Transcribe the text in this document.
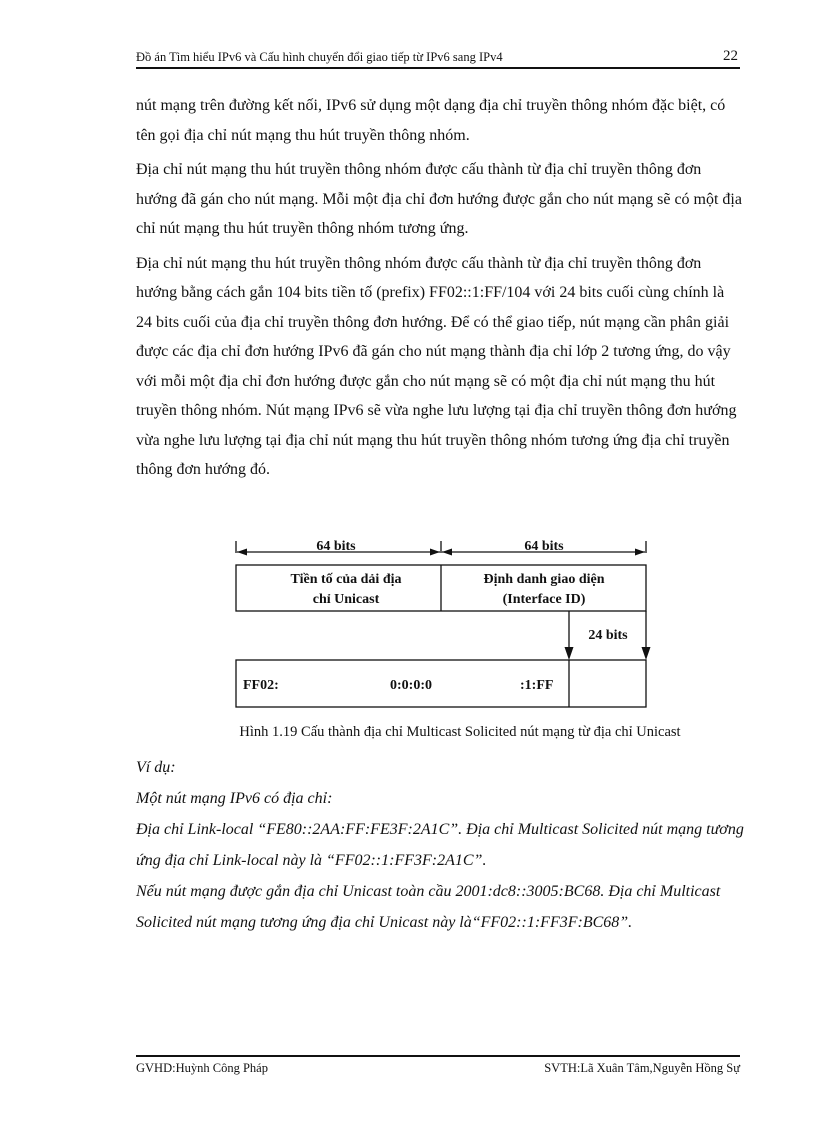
Đồ án Tìm hiểu IPv6 và Cấu hình chuyển đổi giao tiếp từ IPv6 sang IPv4	22

nút mạng trên đường kết nối, IPv6 sử dụng một dạng địa chỉ truyền thông nhóm đặc biệt, có tên gọi địa chỉ nút mạng thu hút truyền thông nhóm.

Địa chỉ nút mạng thu hút truyền thông nhóm được cấu thành từ địa chỉ truyền thông đơn hướng đã gán cho nút mạng. Mỗi một địa chỉ đơn hướng được gắn cho nút mạng sẽ có một địa chỉ nút mạng thu hút truyền thông nhóm tương ứng.

Địa chỉ nút mạng thu hút truyền thông nhóm được cấu thành từ địa chỉ truyền thông đơn hướng bằng cách gắn 104 bits tiền tố (prefix) FF02::1:FF/104 với 24 bits cuối cùng chính là 24 bits cuối của địa chỉ truyền thông đơn hướng. Để có thể giao tiếp, nút mạng cần phân giải được các địa chỉ đơn hướng IPv6 đã gán cho nút mạng thành địa chỉ lớp 2 tương ứng, do vậy với mỗi một địa chỉ đơn hướng được gắn cho nút mạng sẽ có một địa chỉ nút mạng thu hút truyền thông nhóm. Nút mạng IPv6 sẽ vừa nghe lưu lượng tại địa chỉ truyền thông đơn hướng vừa nghe lưu lượng tại địa chỉ nút mạng thu hút truyền thông nhóm tương ứng địa chỉ truyền thông đơn hướng đó.

64 bits	64 bits
Tiền tố của dải địa
chỉ Unicast
Định danh giao diện
(Interface ID)
24 bits
FF02:	0:0:0:0	:1:FF
Hình 1.19 Cấu thành địa chỉ Multicast Solicited nút mạng từ địa chỉ Unicast

Ví dụ:

Một nút mạng IPv6 có địa chỉ:

Địa chỉ Link-local “FE80::2AA:FF:FE3F:2A1C”. Địa chỉ Multicast Solicited nút mạng tương ứng địa chỉ Link-local này là “FF02::1:FF3F:2A1C”.

Nếu nút mạng được gắn địa chỉ Unicast toàn cầu 2001:dc8::3005:BC68. Địa chỉ Multicast Solicited nút mạng tương ứng địa chỉ Unicast này là“FF02::1:FF3F:BC68”.

GVHD:Huỳnh Công Pháp	SVTH:Lã Xuân Tâm,Nguyễn Hồng Sự
